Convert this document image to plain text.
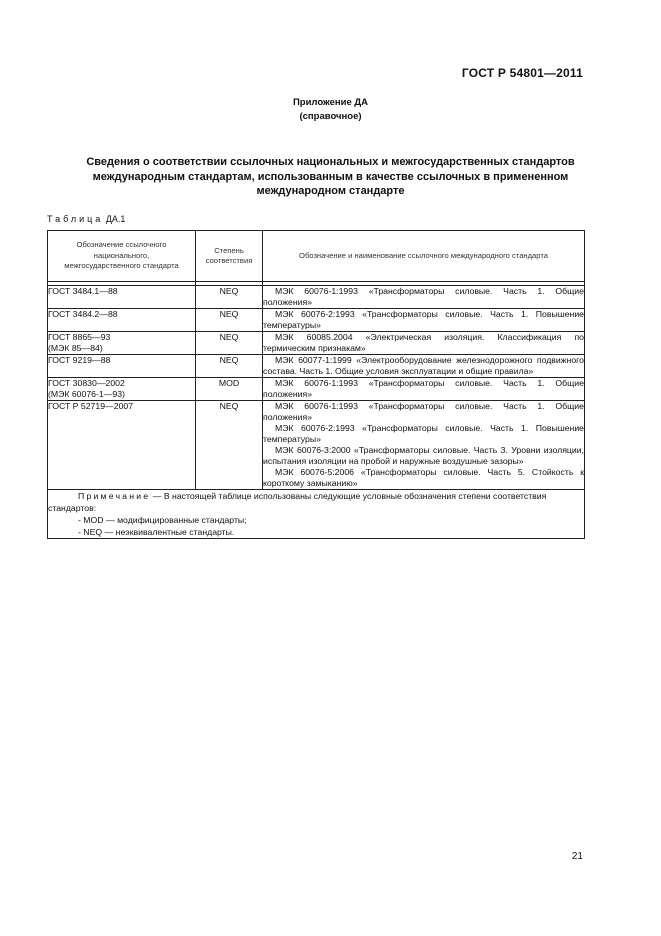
ГОСТ Р 54801—2011
Приложение ДА
(справочное)
Сведения о соответствии ссылочных национальных и межгосударственных стандартов
международным стандартам, использованным в качестве ссылочных в примененном
международном стандарте
Таблица ДА.1
Обозначение ссылочного национального, межгосударственного стандарта	Степень соответствия	Обозначение и наименование ссылочного международного стандарта

ГОСТ 3484.1—88	NEQ	МЭК 60076-1:1993 «Трансформаторы силовые. Часть 1. Общие положения»

ГОСТ 3484.2—88	NEQ	МЭК 60076-2:1993 «Трансформаторы силовые. Часть 1. Повышение температуры»

ГОСТ 8865—93
(МЭК 85—84)	NEQ	МЭК 60085.2004 «Электрическая изоляция. Классификация по термическим признакам»

ГОСТ 9219—88	NEQ	МЭК 60077-1:1999 «Электрооборудование железнодорожного подвижного состава. Часть 1. Общие условия эксплуатации и общие правила»

ГОСТ 30830—2002
(МЭК 60076-1—93)	MOD	МЭК 60076-1:1993 «Трансформаторы силовые. Часть 1. Общие положения»

ГОСТ Р 52719—2007	NEQ	МЭК 60076-1:1993 «Трансформаторы силовые. Часть 1. Общие положения»
МЭК 60076-2:1993 «Трансформаторы силовые. Часть 1. Повышение температуры»
МЭК 60076-3:2000 «Трансформаторы силовые. Часть 3. Уровни изоляции, испытания изоляции на пробой и наружные воздушные зазоры»
МЭК 60076-5:2006 «Трансформаторы силовые. Часть 5. Стойкость к короткому замыканию»

Примечание — В настоящей таблице использованы следующие условные обозначения степени соответствия стандартов:
- MOD — модифицированные стандарты;
- NEQ — неэквивалентные стандарты.		
21
